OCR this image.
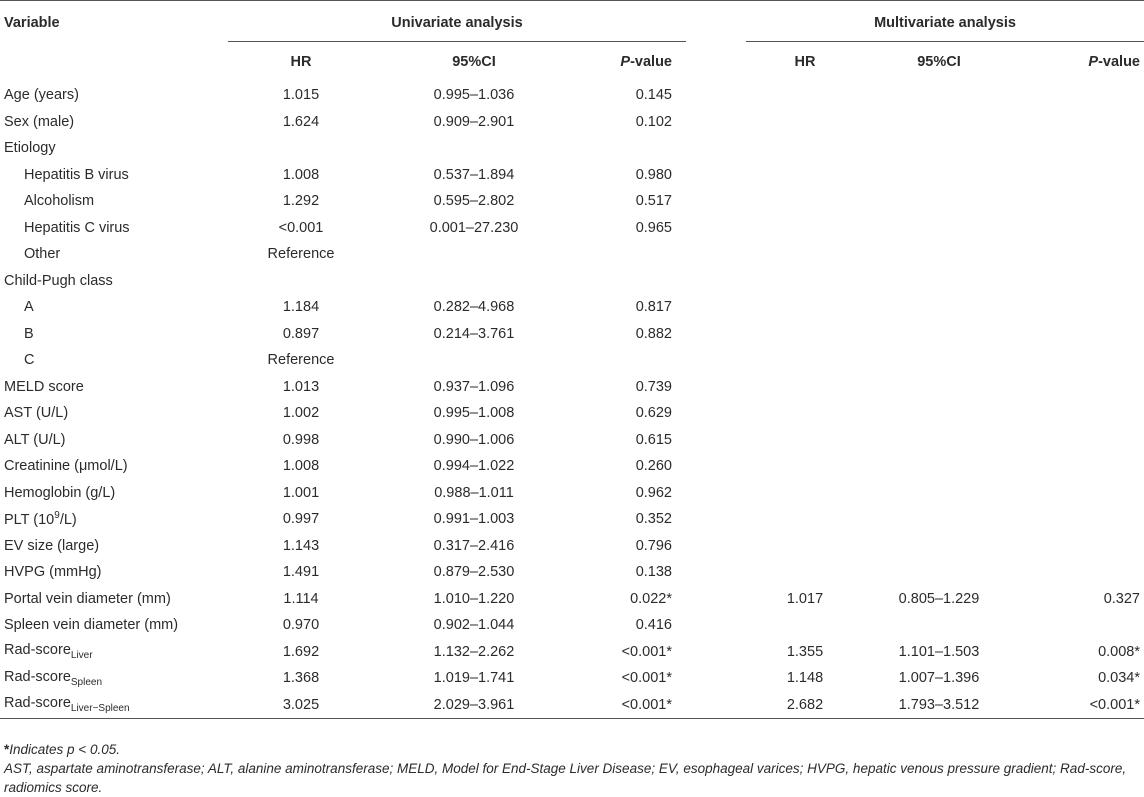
Variable	Univariate analysis				Multivariate analysis		
	HR	95%CI	P-value		HR	95%CI	P-value
Age (years)	1.015	0.995–1.036	0.145				
Sex (male)	1.624	0.909–2.901	0.102				
Etiology							
Hepatitis B virus	1.008	0.537–1.894	0.980				
Alcoholism	1.292	0.595–2.802	0.517				
Hepatitis C virus	<0.001	0.001–27.230	0.965				
Other	Reference						
Child-Pugh class							
A	1.184	0.282–4.968	0.817				
B	0.897	0.214–3.761	0.882				
C	Reference						
MELD score	1.013	0.937–1.096	0.739				
AST (U/L)	1.002	0.995–1.008	0.629				
ALT (U/L)	0.998	0.990–1.006	0.615				
Creatinine (μmol/L)	1.008	0.994–1.022	0.260				
Hemoglobin (g/L)	1.001	0.988–1.011	0.962				
PLT $(10^9/L)$	0.997	0.991–1.003	0.352				
EV size (large)	1.143	0.317–2.416	0.796				
HVPG (mmHg)	1.491	0.879–2.530	0.138				
Portal vein diameter (mm)	1.114	1.010–1.220	0.022*		1.017	0.805–1.229	0.327
Spleen vein diameter (mm)	0.970	0.902–1.044	0.416				
Rad-score$_{Liver}$	1.692	1.132–2.262	<0.001*		1.355	1.101–1.503	0.008*
Rad-score$_{Spleen}$	1.368	1.019–1.741	<0.001*		1.148	1.007–1.396	0.034*
Rad-score$_{Liver-Spleen}$	3.025	2.029–3.961	<0.001*		2.682	1.793–3.512	<0.001*
*Indicates p < 0.05.
AST, aspartate aminotransferase; ALT, alanine aminotransferase; MELD, Model for End-Stage Liver Disease; EV, esophageal varices; HVPG, hepatic venous pressure gradient; Rad-score, radiomics score.
